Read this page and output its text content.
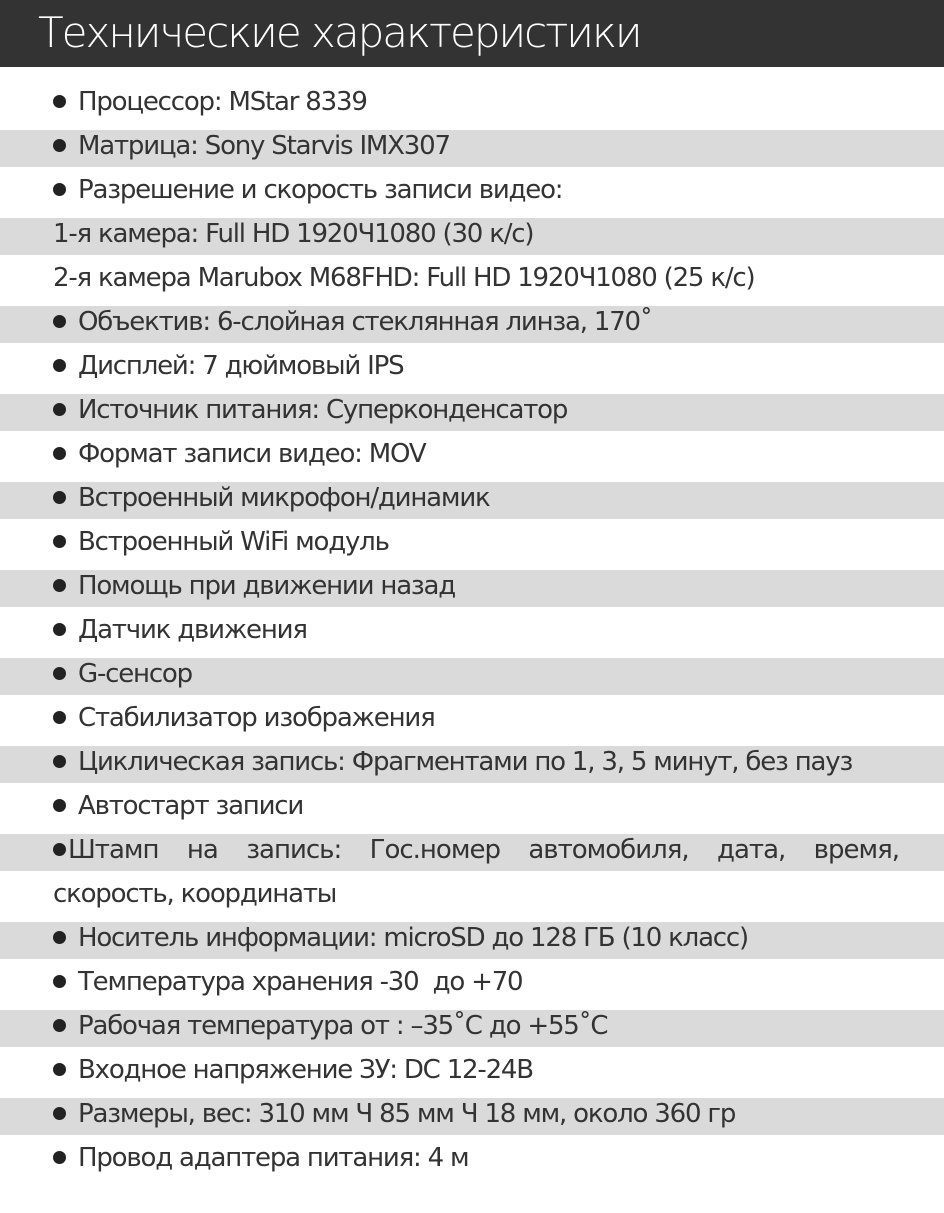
Технические характеристики
Процессор: MStar 8339
Матрица: Sony Starvis IMX307
Разрешение и скорость записи видео:
1-я камера: Full HD 1920Ч1080 (30 к/с)
2-я камера Marubox M68FHD: Full HD 1920Ч1080 (25 к/с)
Объектив: 6-слойная стеклянная линза, 170˚
Дисплей: 7 дюймовый IPS
Источник питания: Суперконденсатор
Формат записи видео: MOV
Встроенный микрофон/динамик
Встроенный WiFi модуль
Помощь при движении назад
Датчик движения
G-сенсор
Стабилизатор изображения
Циклическая запись: Фрагментами по 1, 3, 5 минут, без пауз
Автостарт записи
Штамп на запись: Гос.номер автомобиля, дата, время,
скорость, координаты
Носитель информации: microSD до 128 ГБ (10 класс)
Температура хранения -30  до +70
Рабочая температура от : –35˚C до +55˚C
Входное напряжение ЗУ: DC 12-24В
Размеры, вес: 310 мм Ч 85 мм Ч 18 мм, около 360 гр
Провод адаптера питания: 4 м
